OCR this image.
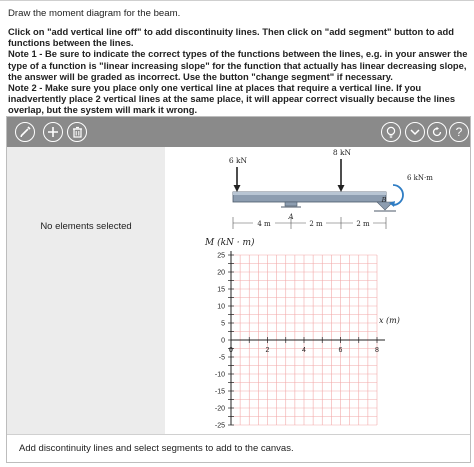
Draw the moment diagram for the beam.

Click on "add vertical line off" to add discontinuity lines. Then click on "add segment" button to add functions between the lines.

Note 1 - Be sure to indicate the correct types of the functions between the lines, e.g. in your answer the type of a function is "linear increasing slope" for the function that actually has linear decreasing slope, the answer will be graded as incorrect. Use the button "change segment" if necessary.

Note 2 - Make sure you place only one vertical line at places that require a vertical line. If you inadvertently place 2 vertical lines at the same place, it will appear correct visually because the lines overlap, but the system will mark it wrong.

?
No elements selected
6 kN
8 kN
A
B
6 kN·m
4 m	2 m	2 m
M (kN · m)
x (m)
25
20
15
10
5
0
-5
-10
-15
-20
-25
0	2	4	6	8
Add discontinuity lines and select segments to add to the canvas.
